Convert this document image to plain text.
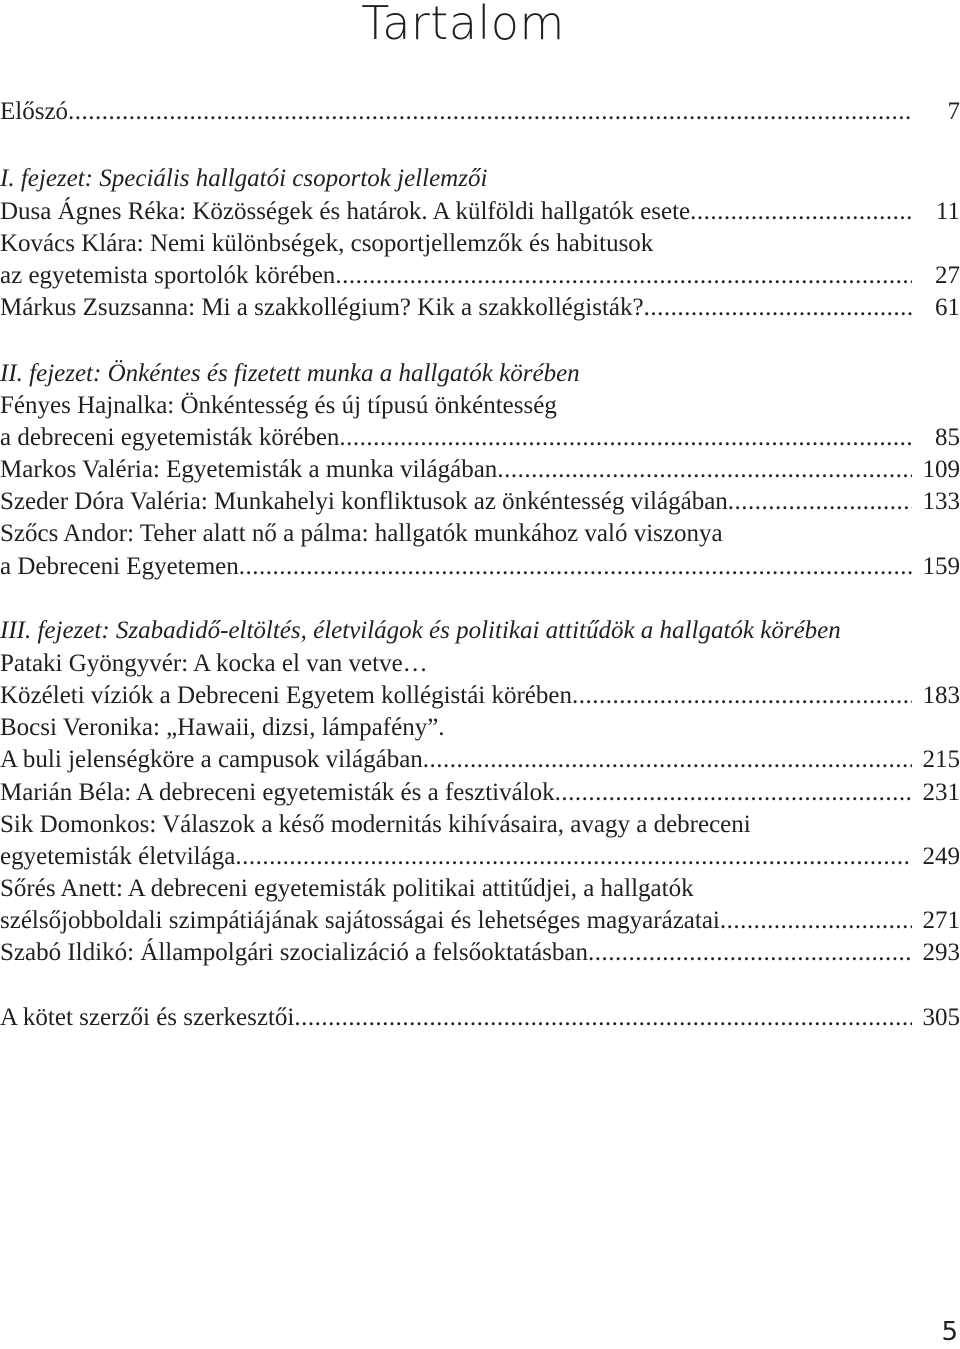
Tartalom
Előszó .....	7
I. fejezet: Speciális hallgatói csoportok jellemzői
Dusa Ágnes Réka: Közösségek és határok. A külföldi hallgatók esete .....	11
Kovács Klára: Nemi különbségek, csoportjellemzők és habitusok
az egyetemista sportolók körében .....	27
Márkus Zsuzsanna: Mi a szakkollégium? Kik a szakkollégisták? .....	61
II. fejezet: Önkéntes és fizetett munka a hallgatók körében
Fényes Hajnalka: Önkéntesség és új típusú önkéntesség
a debreceni egyetemisták körében .....	85
Markos Valéria: Egyetemisták a munka világában .....	109
Szeder Dóra Valéria: Munkahelyi konfliktusok az önkéntesség világában .....	133
Szőcs Andor: Teher alatt nő a pálma: hallgatók munkához való viszonya
a Debreceni Egyetemen .....	159
III. fejezet: Szabadidő-eltöltés, életvilágok és politikai attitűdök a hallgatók körében
Pataki Gyöngyvér: A kocka el van vetve…
Közéleti víziók a Debreceni Egyetem kollégistái körében .....	183
Bocsi Veronika: „Hawaii, dizsi, lámpafény”.
A buli jelenségköre a campusok világában .....	215
Marián Béla: A debreceni egyetemisták és a fesztiválok .....	231
Sik Domonkos: Válaszok a késő modernitás kihívásaira, avagy a debreceni
egyetemisták életvilága .....	249
Sőrés Anett: A debreceni egyetemisták politikai attitűdjei, a hallgatók
szélsőjobboldali szimpátiájának sajátosságai és lehetséges magyarázatai .....	271
Szabó Ildikó: Állampolgári szocializáció a felsőoktatásban .....	293
A kötet szerzői és szerkesztői .....	305
5
